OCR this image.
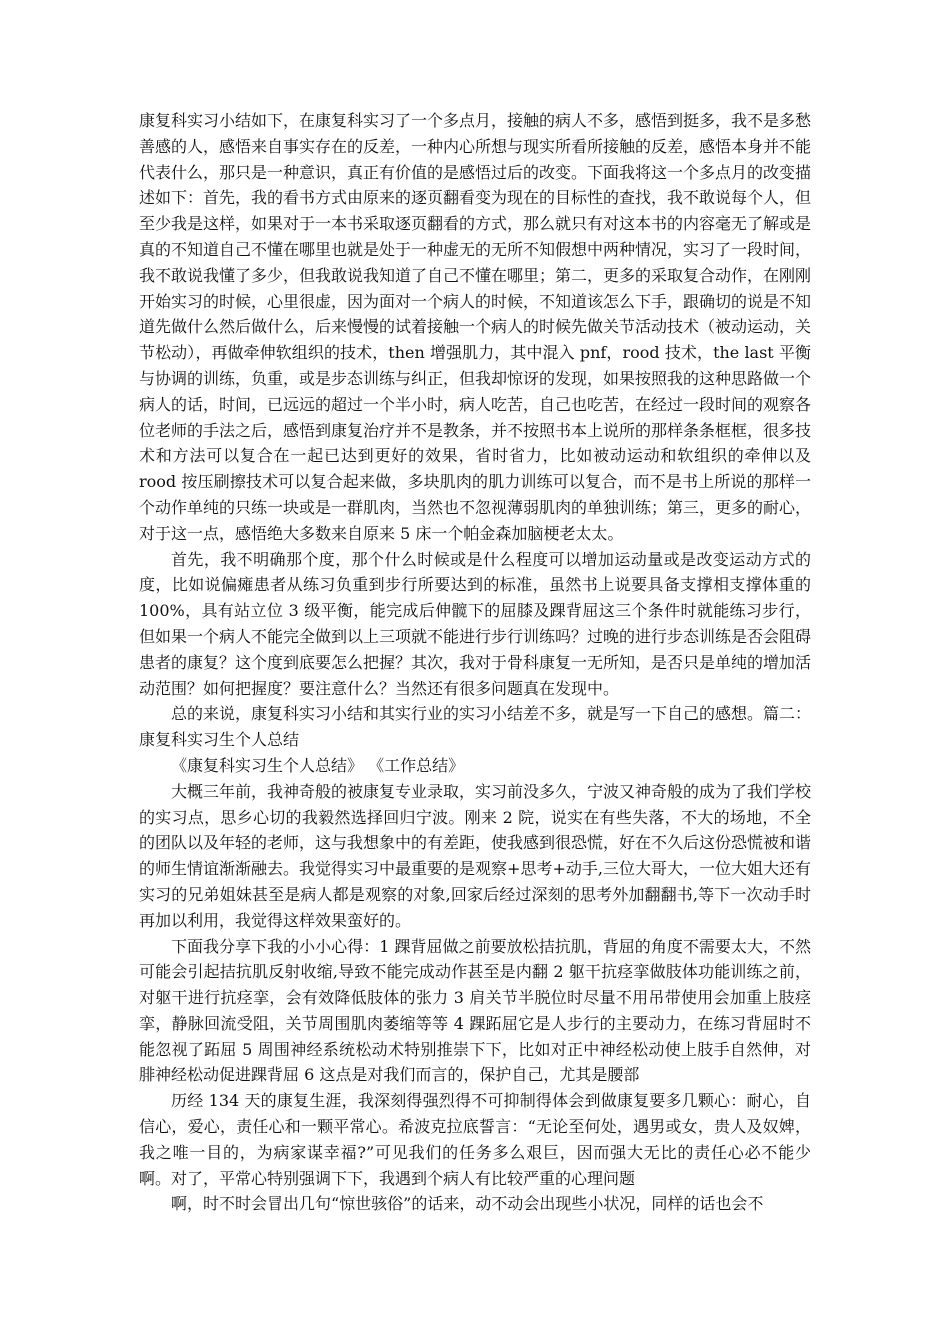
康复科实习小结如下，在康复科实习了一个多点月，接触的病人不多，感悟到挺多，我不是多愁善感的人，感悟来自事实存在的反差，一种内心所想与现实所看所接触的反差，感悟本身并不能代表什么，那只是一种意识，真正有价值的是感悟过后的改变。下面我将这一个多点月的改变描述如下：首先，我的看书方式由原来的逐页翻看变为现在的目标性的查找，我不敢说每个人，但至少我是这样，如果对于一本书采取逐页翻看的方式，那么就只有对这本书的内容毫无了解或是真的不知道自己不懂在哪里也就是处于一种虚无的无所不知假想中两种情况，实习了一段时间，我不敢说我懂了多少，但我敢说我知道了自己不懂在哪里；第二，更多的采取复合动作，在刚刚开始实习的时候，心里很虚，因为面对一个病人的时候，不知道该怎么下手，跟确切的说是不知道先做什么然后做什么，后来慢慢的试着接触一个病人的时候先做关节活动技术（被动运动，关节松动），再做牵伸软组织的技术，then 增强肌力，其中混入 pnf，rood 技术，the last 平衡与协调的训练，负重，或是步态训练与纠正，但我却惊讶的发现，如果按照我的这种思路做一个病人的话，时间，已远远的超过一个半小时，病人吃苦，自己也吃苦，在经过一段时间的观察各位老师的手法之后，感悟到康复治疗并不是教条，并不按照书本上说所的那样条条框框，很多技术和方法可以复合在一起已达到更好的效果，省时省力，比如被动运动和软组织的牵伸以及 rood 按压刷擦技术可以复合起来做，多块肌肉的肌力训练可以复合，而不是书上所说的那样一个动作单纯的只练一块或是一群肌肉，当然也不忽视薄弱肌肉的单独训练；第三，更多的耐心，对于这一点，感悟绝大多数来自原来 5 床一个帕金森加脑梗老太太。

首先，我不明确那个度，那个什么时候或是什么程度可以增加运动量或是改变运动方式的度，比如说偏瘫患者从练习负重到步行所要达到的标准，虽然书上说要具备支撑相支撑体重的 100%，具有站立位 3 级平衡，能完成后伸髋下的屈膝及踝背屈这三个条件时就能练习步行，但如果一个病人不能完全做到以上三项就不能进行步行训练吗？过晚的进行步态训练是否会阻碍患者的康复？这个度到底要怎么把握？其次，我对于骨科康复一无所知，是否只是单纯的增加活动范围？如何把握度？要注意什么？当然还有很多问题真在发现中。

总的来说，康复科实习小结和其实行业的实习小结差不多，就是写一下自己的感想。篇二：康复科实习生个人总结

《康复科实习生个人总结》 《工作总结》

大概三年前，我神奇般的被康复专业录取，实习前没多久，宁波又神奇般的成为了我们学校的实习点，思乡心切的我毅然选择回归宁波。刚来 2 院，说实在有些失落，不大的场地，不全的团队以及年轻的老师，这与我想象中的有差距，使我感到很恐慌，好在不久后这份恐慌被和谐的师生情谊渐渐融去。我觉得实习中最重要的是观察+思考+动手,三位大哥大，一位大姐大还有实习的兄弟姐妹甚至是病人都是观察的对象,回家后经过深刻的思考外加翻翻书,等下一次动手时再加以利用，我觉得这样效果蛮好的。

下面我分享下我的小小心得：1 踝背屈做之前要放松拮抗肌，背屈的角度不需要太大，不然可能会引起拮抗肌反射收缩,导致不能完成动作甚至是内翻 2 躯干抗痉挛做肢体功能训练之前，对躯干进行抗痉挛，会有效降低肢体的张力 3 肩关节半脱位时尽量不用吊带使用会加重上肢痉挛，静脉回流受阻，关节周围肌肉萎缩等等 4 踝跖屈它是人步行的主要动力，在练习背屈时不能忽视了跖屈 5 周围神经系统松动术特别推崇下下，比如对正中神经松动使上肢手自然伸，对腓神经松动促进踝背屈 6 这点是对我们而言的，保护自己，尤其是腰部

历经 134 天的康复生涯，我深刻得强烈得不可抑制得体会到做康复要多几颗心：耐心，自信心，爱心，责任心和一颗平常心。希波克拉底誓言：“无论至何处，遇男或女，贵人及奴婢，我之唯一目的，为病家谋幸福?”可见我们的任务多么艰巨，因而强大无比的责任心必不能少啊。对了，平常心特别强调下下，我遇到个病人有比较严重的心理问题

啊，时不时会冒出几句“惊世骇俗”的话来，动不动会出现些小状况，同样的话也会不
